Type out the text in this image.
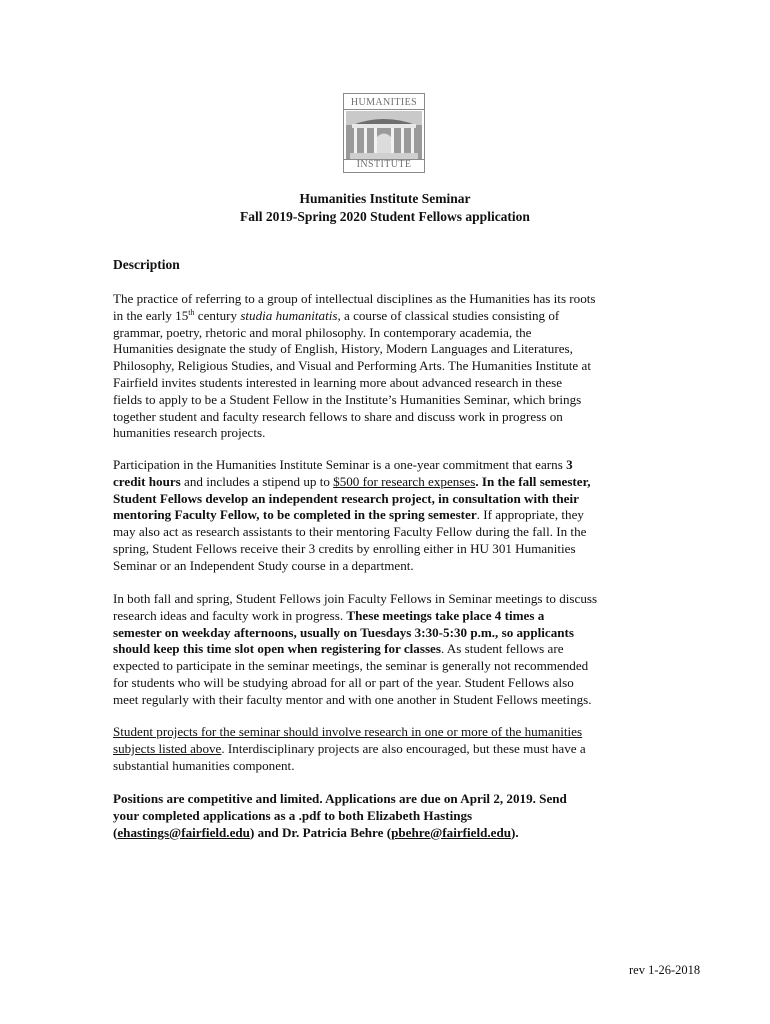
HUMANITIES
INSTITUTE
Humanities Institute Seminar
Fall 2019-Spring 2020 Student Fellows application
Description
The practice of referring to a group of intellectual disciplines as the Humanities has its roots
in the early 15th century studia humanitatis, a course of classical studies consisting of
grammar, poetry, rhetoric and moral philosophy. In contemporary academia, the
Humanities designate the study of English, History, Modern Languages and Literatures,
Philosophy, Religious Studies, and Visual and Performing Arts. The Humanities Institute at
Fairfield invites students interested in learning more about advanced research in these
fields to apply to be a Student Fellow in the Institute’s Humanities Seminar, which brings
together student and faculty research fellows to share and discuss work in progress on
humanities research projects.
Participation in the Humanities Institute Seminar is a one-year commitment that earns 3
credit hours and includes a stipend up to $500 for research expenses. In the fall semester,
Student Fellows develop an independent research project, in consultation with their
mentoring Faculty Fellow, to be completed in the spring semester. If appropriate, they
may also act as research assistants to their mentoring Faculty Fellow during the fall. In the
spring, Student Fellows receive their 3 credits by enrolling either in HU 301 Humanities
Seminar or an Independent Study course in a department.
In both fall and spring, Student Fellows join Faculty Fellows in Seminar meetings to discuss
research ideas and faculty work in progress. These meetings take place 4 times a
semester on weekday afternoons, usually on Tuesdays 3:30-5:30 p.m., so applicants
should keep this time slot open when registering for classes. As student fellows are
expected to participate in the seminar meetings, the seminar is generally not recommended
for students who will be studying abroad for all or part of the year. Student Fellows also
meet regularly with their faculty mentor and with one another in Student Fellows meetings.
Student projects for the seminar should involve research in one or more of the humanities
subjects listed above. Interdisciplinary projects are also encouraged, but these must have a
substantial humanities component.
Positions are competitive and limited. Applications are due on April 2, 2019. Send
your completed applications as a .pdf to both Elizabeth Hastings
(ehastings@fairfield.edu) and Dr. Patricia Behre (pbehre@fairfield.edu).
rev 1-26-2018
